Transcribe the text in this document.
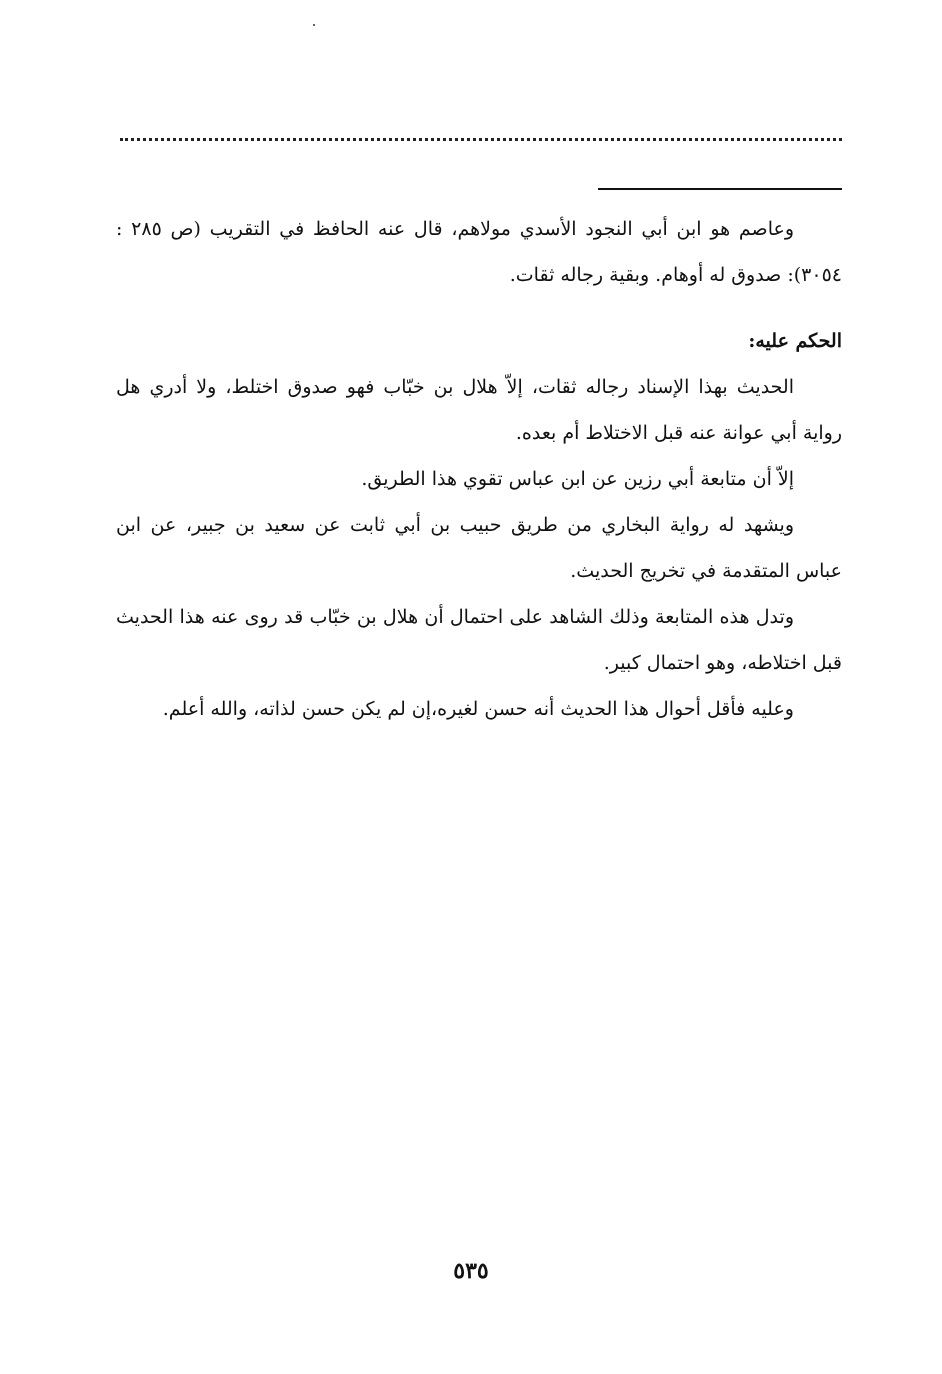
وعاصم هو ابن أبي النجود الأسدي مولاهم، قال عنه الحافظ في التقريب (ص ٢٨٥ : ٣٠٥٤): صدوق له أوهام. وبقية رجاله ثقات.

الحكم عليه:

الحديث بهذا الإسناد رجاله ثقات، إلاّ هلال بن خبّاب فهو صدوق اختلط، ولا أدري هل رواية أبي عوانة عنه قبل الاختلاط أم بعده.

إلاّ أن متابعة أبي رزين عن ابن عباس تقوي هذا الطريق.

ويشهد له رواية البخاري من طريق حبيب بن أبي ثابت عن سعيد بن جبير، عن ابن عباس المتقدمة في تخريج الحديث.

وتدل هذه المتابعة وذلك الشاهد على احتمال أن هلال بن خبّاب قد روى عنه هذا الحديث قبل اختلاطه، وهو احتمال كبير.

وعليه فأقل أحوال هذا الحديث أنه حسن لغيره،إن لم يكن حسن لذاته، والله أعلم.

٥٣٥
